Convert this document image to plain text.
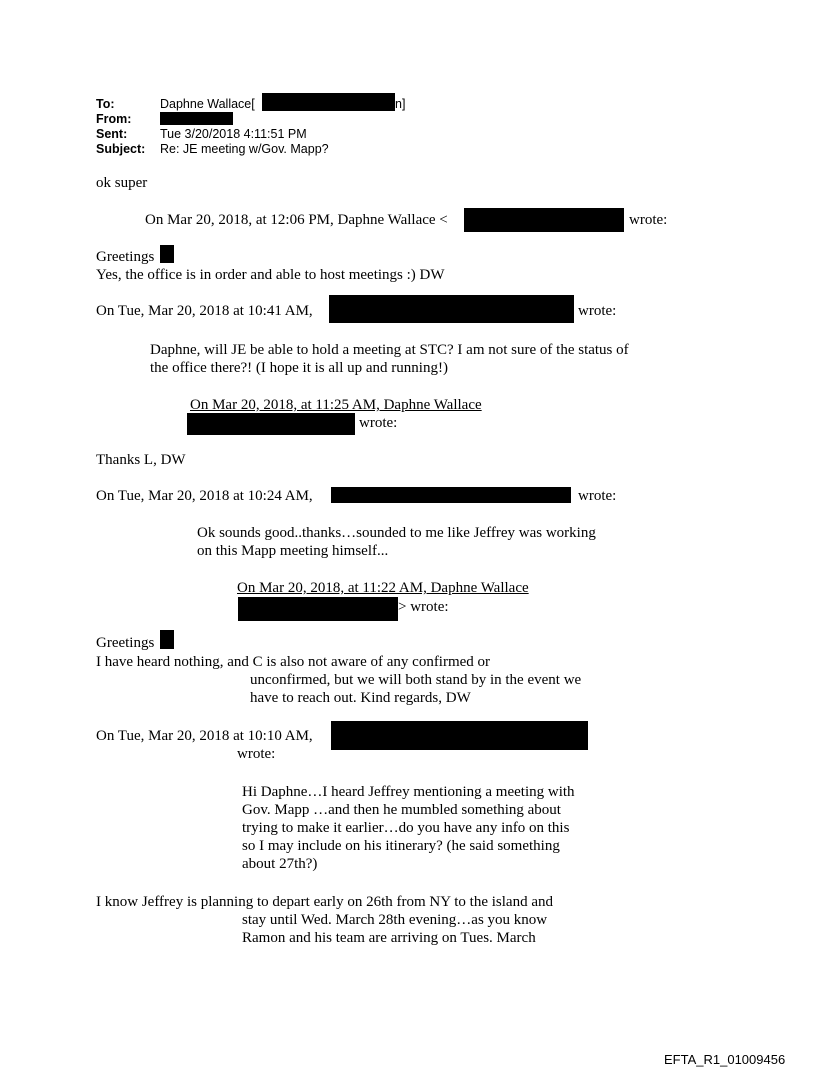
To:	Daphne Wallace[	n]
From:
Sent:	Tue 3/20/2018 4:11:51 PM
Subject: Re: JE meeting w/Gov. Mapp?
ok super
On Mar 20, 2018, at 12:06 PM, Daphne Wallace <	wrote:
Greetings
Yes, the office is in order and able to host meetings :) DW
On Tue, Mar 20, 2018 at 10:41 AM,	wrote:
Daphne, will JE be able to hold a meeting at STC? I am not sure of the status of
the office there?! (I hope it is all up and running!)
On Mar 20, 2018, at 11:25 AM, Daphne Wallace
wrote:
Thanks L, DW
On Tue, Mar 20, 2018 at 10:24 AM,	wrote:
Ok sounds good..thanks…sounded to me like Jeffrey was working
on this Mapp meeting himself...
On Mar 20, 2018, at 11:22 AM, Daphne Wallace
> wrote:
Greetings
I have heard nothing, and C is also not aware of any confirmed or
unconfirmed, but we will both stand by in the event we
have to reach out. Kind regards, DW
On Tue, Mar 20, 2018 at 10:10 AM,
wrote:
Hi Daphne…I heard Jeffrey mentioning a meeting with
Gov. Mapp …and then he mumbled something about
trying to make it earlier…do you have any info on this
so I may include on his itinerary? (he said something
about 27th?)
I know Jeffrey is planning to depart early on 26th from NY to the island and
stay until Wed. March 28th evening…as you know
Ramon and his team are arriving on Tues. March
EFTA_R1_01009456
